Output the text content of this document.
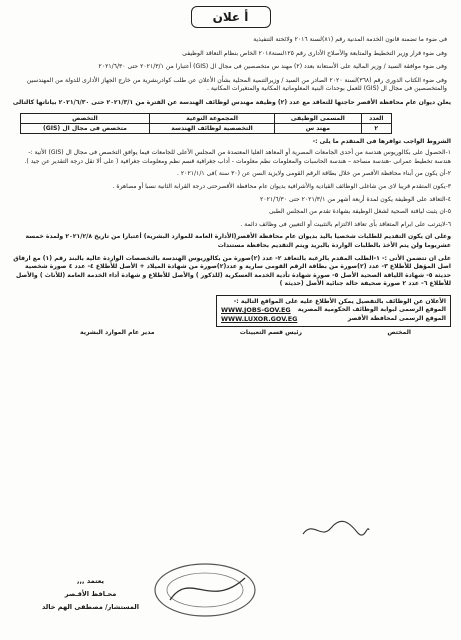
أ علان

فى ضوء ما تضمنة قانون الخدمة المدنية رقم (٨١)لسنة ٢٠١٦ ولائحتة التنفيذية

وفى ضوء قرار وزير التخطيط والمتابعة والأصلاح الأدارى رقم ١٢٥لسنة٢٠١٨ الخاص بنظام التعاقد الوظيفى

وفى ضوء موافقة السيد / وزير المالية على الأستعانة بعدد (٢) مهند س متخصصين فى مجال ال (GIS) أعتبارا من ٢٠٢١/٣/١ حتى ٢٠٢١/٦/٣٠

وفى ضوء الكتاب الدورى رقم (٣٦٨)لسنة ٢٠٢٠ الصادر من السيد / وزيرالتنمية المحلية بشأن الأعلان عن طلب كوادربشرية من خارج الجهاز الأدارى للدولة من المهندسين والمتخصصين فى مجال ال (GIS) للعمل بوحدات البنية المعلوماتية المكانية والمتغيرات المكانية .

يعلن ديوان عام محافظة الأقصر حاجتها للتعاقد مع عدد (٢) وظيفة مهندس لوظائف الهندسة عن الفترة من ٢٠٢١/٣/١ حتى ٢٠٢١/٦/٣٠ بياناتها كالتالى

العدد	المسمى الوظيفى	المجموعة النوعية	التخصص
٢	مهند س	التخصصية لوظائف الهندسة	متخصص فى مجال ال (GIS)
الشروط الواجب توافرها فى المتقدم ما يلى :-

١-الحصول على بكالوريوس هندسة من أحدى الجامعات المصرية أو المعاهد العليا المعتمدة من المجلس الأعلى للجامعات فيما يوافق التخصص فى مجال ال (GIS) الأتية :- هندسة تخطيط عمرانى -هندسة مساحة – هندسة الحاسبات والمعلومات نظم معلومات - أداب جغرافية قسم نظم ومعلومات جغرافية ( على ألا تقل درجة التقدير عن جيد ).

٢-أن يكون من أبناء محافظة الأقصر من خلال بطاقة الرقم القومى ولايزيد السن عن (٣٠ سنة )فى ٢٠٢١/١/١ .

٣-يكون المتقدم قريبا لاى من شاغلى الوظائف القيادية والأشرافية بديوان عام محافظة الأقصرحتى درجة القرابة الثانية نسبا أو مصاهرة .

٤-التعاقد على الوظيفة يكون لمدة أربعة أشهر من ٢٠٢١/٣/١ حتى ٢٠٢١/٦/٣٠

٥-ان يثبت لياقتة الصحية لشغل الوظيفة بشهادة تقدم من المجلس الطبى

٦-لايترتب على ابرام المتعاقد بأى تعاقد الالتزام بالتثبيت أو التعيين فى وظائف دائمة .

وعلى ان يكون التقديم للطلبات شخصيا باليد بديوان عام محافظة الأقصر(الأدارة العامة للموارد البشرية) أعتبارا من تاريخ ٢٠٢١/٢/٨ ولمدة خمسة عشريوما ولن يتم الأخذ بالطلبات الواردة بالبريد ويتم التقديم بحافظة مستندات

على ان تتضمن الأتى :- ١-الطلب المقدم بالرغبة بالتعاقد ٢- عدد (٢)صورة من بكالوريوس الهندسة بالتخصصات الواردة عالية بالبند رقم (١) مع ارفاق اصل المؤهل للأطلاع ٣- عدد (٢)صورة من بطاقة الرقم القومى سارية و عدد(٢)صورة من شهادة الميلاد + الأصل للأطلاع ٤- عدد ٤ صورة شخصية حديثة ٥- شهادة اللياقة الصحية الأصل ٥- صورة شهادة تأدية الخدمة العسكرية (للذكور ) والأصل للأطلاع و شهادة أداء الخدمة العامة (للأناث ) والأصل للأطلاع ٦- عدد ٢ صورة صحيفة حالة جنائية الأصل (حديثة )

الأعلان عن الوظائف بالتفصيل يمكن الأطلاع عليه على المواقع التالية :-
الموقع الرسمى لبوابة الوظائف الحكومية المصرية
WWW.JOBS-GOV.EG
الموقع الرسمى لمحافظة الأقصر
WWW.LUXOR.GOV.EG
المختص
رئيس قسم التعيينات
مدير عام الموارد البشرية
يعتمد ,,,
محـافظ الأقـصر
المستشار/ مصطفى الهم خالد
